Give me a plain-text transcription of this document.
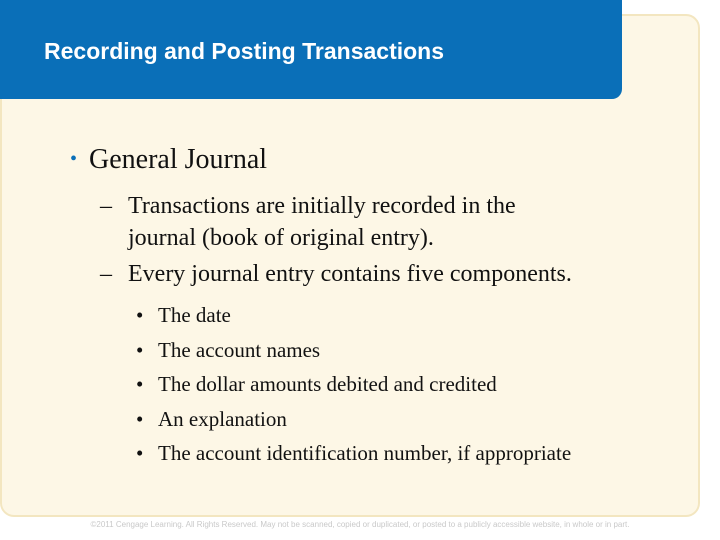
Recording and Posting Transactions
• General Journal
– Transactions are initially recorded in the
journal (book of original entry).
– Every journal entry contains five components.
• The date
• The account names
• The dollar amounts debited and credited
• An explanation
• The account identification number, if appropriate
©2011 Cengage Learning. All Rights Reserved. May not be scanned, copied or duplicated, or posted to a publicly accessible website, in whole or in part.
